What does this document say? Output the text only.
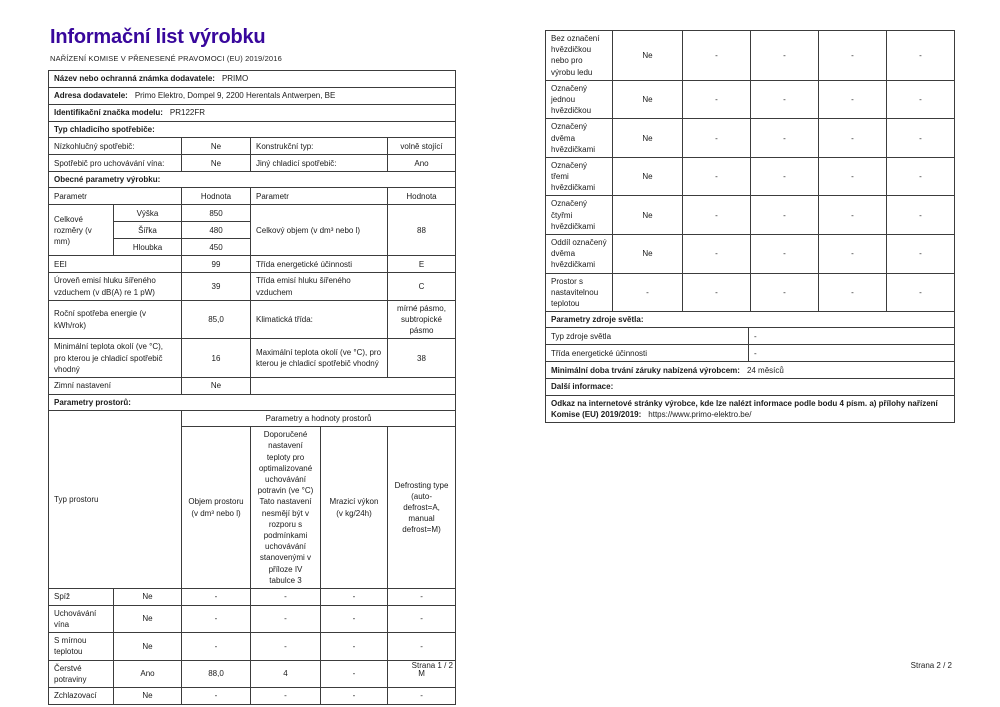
Informační list výrobku
NAŘÍZENÍ KOMISE V PŘENESENÉ PRAVOMOCI (EU) 2019/2016
Název nebo ochranná známka dodavatele: PRIMO
Adresa dodavatele: Primo Elektro, Dompel 9, 2200 Herentals Antwerpen, BE
Identifikační značka modelu: PR122FR
Typ chladicího spotřebiče:			
Nízkohlučný spotřebič:	Ne	Konstrukční typ:	volně stojící
Spotřebič pro uchovávání vína:	Ne	Jiný chladicí spotřebič:	Ano
Obecné parametry výrobku:				
Parametr		Hodnota	Parametr	Hodnota
Celkové rozměry (v mm)	Výška	850	Celkový objem (v dm³ nebo l)	88
	Šířka	480		
	Hloubka	450		
EEI		99	Třída energetické účinnosti	E
Úroveň emisí hluku šířeného vzduchem (v dB(A) re 1 pW)		39	Třída emisí hluku šířeného vzduchem	C
Roční spotřeba energie (v kWh/rok)		85,0	Klimatická třída:	mírné pásmo, subtropické pásmo
Minimální teplota okolí (ve °C), pro kterou je chladicí spotřebič vhodný		16	Maximální teplota okolí (ve °C), pro kterou je chladicí spotřebič vhodný	38
Zimní nastavení		Ne		
Parametry prostorů:					
Typ prostoru		Parametry a hodnoty prostorů			
		Objem prostoru (v dm³ nebo l)	Doporučené nastavení teploty pro optimalizované uchovávání potravin (ve °C) Tato nastavení nesmějí být v rozporu s podmínkami uchovávání stanovenými v příloze IV tabulce 3	Mrazicí výkon (v kg/24h)	Defrosting type (auto-defrost=A, manual defrost=M)
Spíž	Ne	-	-	-	-
Uchovávání vína	Ne	-	-	-	-
S mírnou teplotou	Ne	-	-	-	-
Čerstvé potraviny	Ano	88,0	4	-	M
Zchlazovací	Ne	-	-	-	-
Strana 1 / 2
Bez označení hvězdičkou nebo pro výrobu ledu	Ne	-	-	-	-
Označený jednou hvězdičkou	Ne	-	-	-	-
Označený dvěma hvězdičkami	Ne	-	-	-	-
Označený třemi hvězdičkami	Ne	-	-	-	-
Označený čtyřmi hvězdičkami	Ne	-	-	-	-
Oddíl označený dvěma hvězdičkami	Ne	-	-	-	-
Prostor s nastavitelnou teplotou	-	-	-	-	-
Parametry zdroje světla:	
Typ zdroje světla	-
Třída energetické účinnosti	-
Minimální doba trvání záruky nabízená výrobcem: 24 měsíců	
Další informace:	
Odkaz na internetové stránky výrobce, kde lze nalézt informace podle bodu 4 písm. a) přílohy nařízení Komise (EU) 2019/2019: https://www.primo-elektro.be/	
Strana 2 / 2
